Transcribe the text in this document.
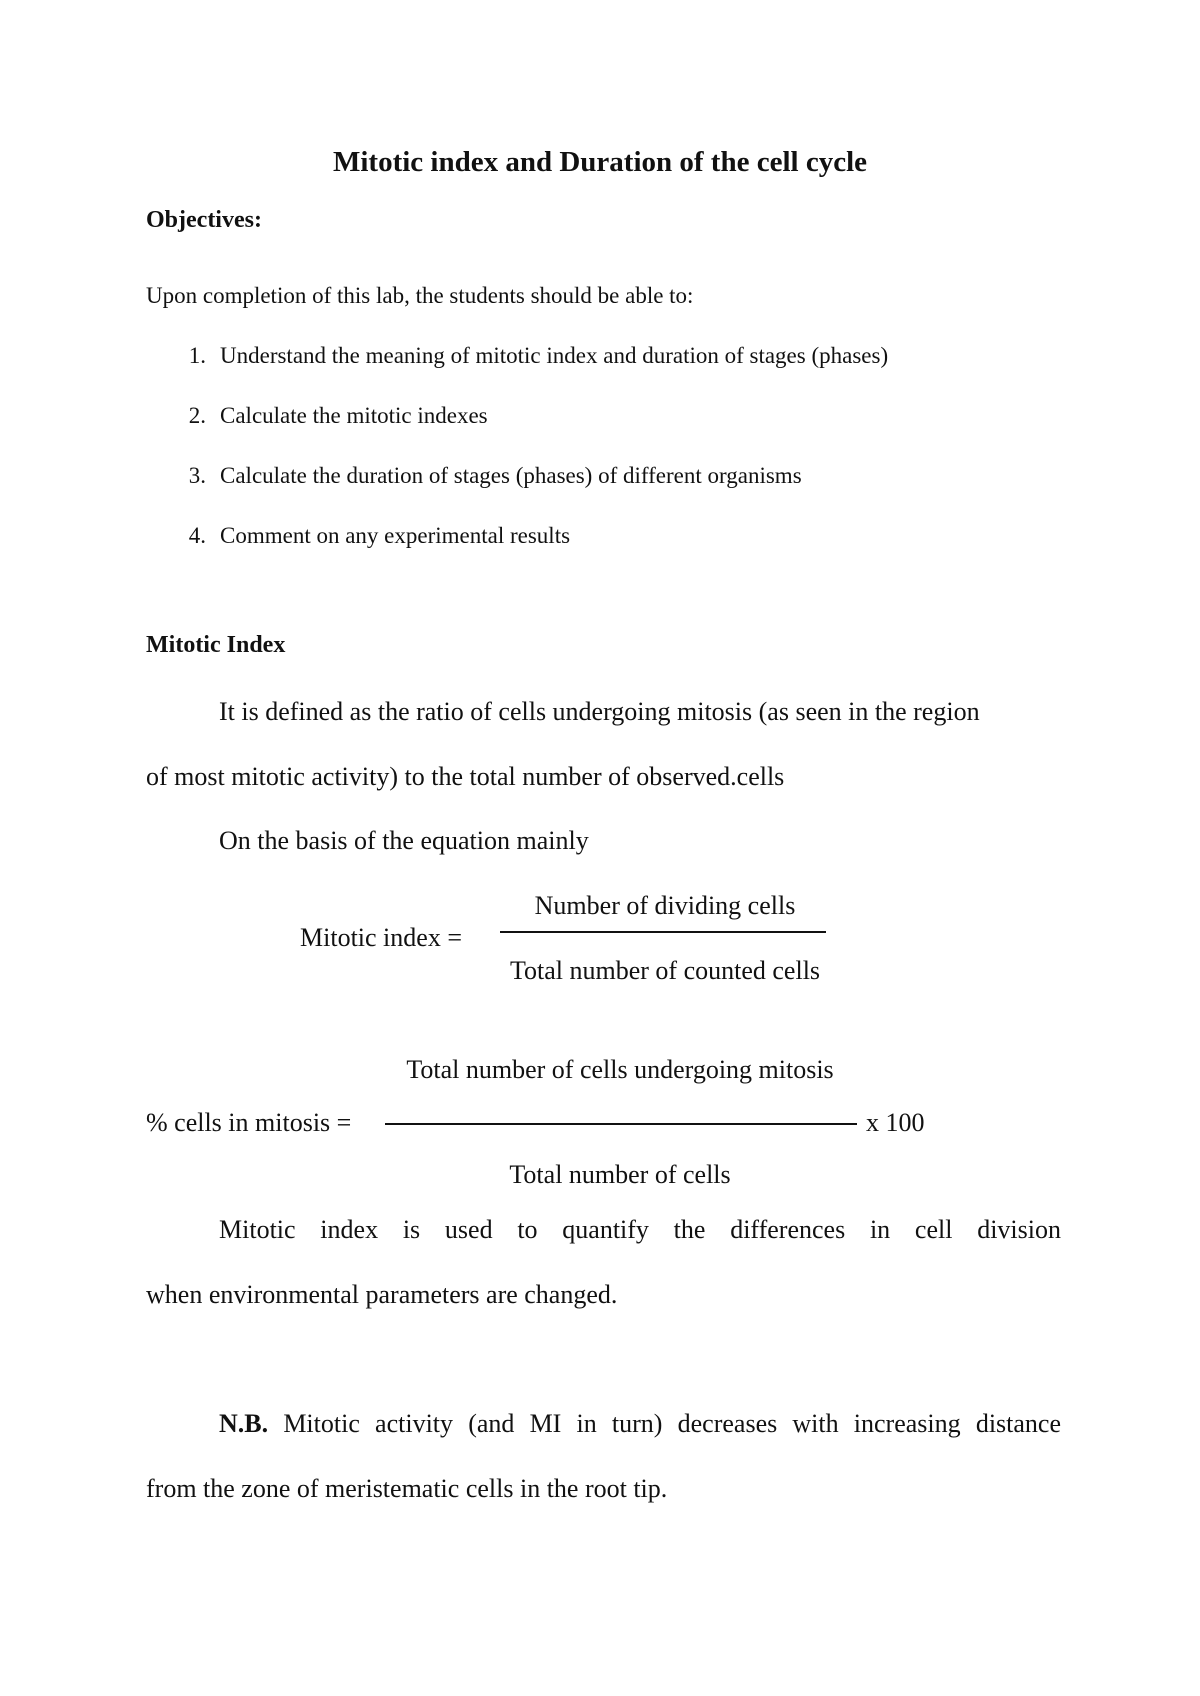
Mitotic index and Duration of the cell cycle
Objectives:
Upon completion of this lab, the students should be able to:
1. Understand the meaning of mitotic index and duration of stages (phases)
2. Calculate the mitotic indexes
3. Calculate the duration of stages (phases) of different organisms
4. Comment on any experimental results
Mitotic Index
It is defined as the ratio of cells undergoing mitosis (as seen in the region
of most mitotic activity) to the total number of observed.cells
On the basis of the equation mainly
Number of dividing cells
Mitotic index =
Total number of counted cells
Total number of cells undergoing mitosis
% cells in mitosis =	x 100
Total number of cells
Mitotic index is used to quantify the differences in cell division
when environmental parameters are changed.
N.B. Mitotic activity (and MI in turn) decreases with increasing distance
from the zone of meristematic cells in the root tip.
